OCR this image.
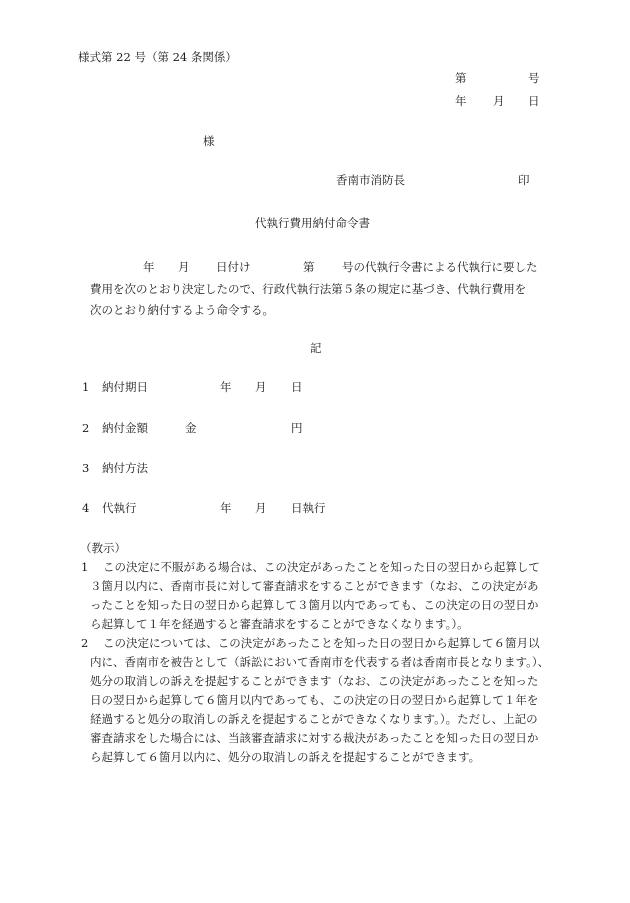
様式第 22 号（第 24 条関係）
第	号
年 月 日
様
香南市消防長	印
代執行費用納付命令書
年 月 日付け	第 号の代執行令書による代執行に要した
費用を次のとおり決定したので、行政代執行法第５条の規定に基づき、代執行費用を
次のとおり納付するよう命令する。
記
1 納付期日	年 月 日
2 納付金額	金	円
3 納付方法
4 代執行	年 月 日執行
（教示）
1	この決定に不服がある場合は、この決定があったことを知った日の翌日から起算して
３箇月以内に、香南市長に対して審査請求をすることができます（なお、この決定があ
ったことを知った日の翌日から起算して３箇月以内であっても、この決定の日の翌日か
ら起算して１年を経過すると審査請求をすることができなくなります。）。
2	この決定については、この決定があったことを知った日の翌日から起算して６箇月以
内に、香南市を被告として（訴訟において香南市を代表する者は香南市長となります。）、
処分の取消しの訴えを提起することができます（なお、この決定があったことを知った
日の翌日から起算して６箇月以内であっても、この決定の日の翌日から起算して１年を
経過すると処分の取消しの訴えを提起することができなくなります。）。ただし、上記の
審査請求をした場合には、当該審査請求に対する裁決があったことを知った日の翌日か
ら起算して６箇月以内に、処分の取消しの訴えを提起することができます。
